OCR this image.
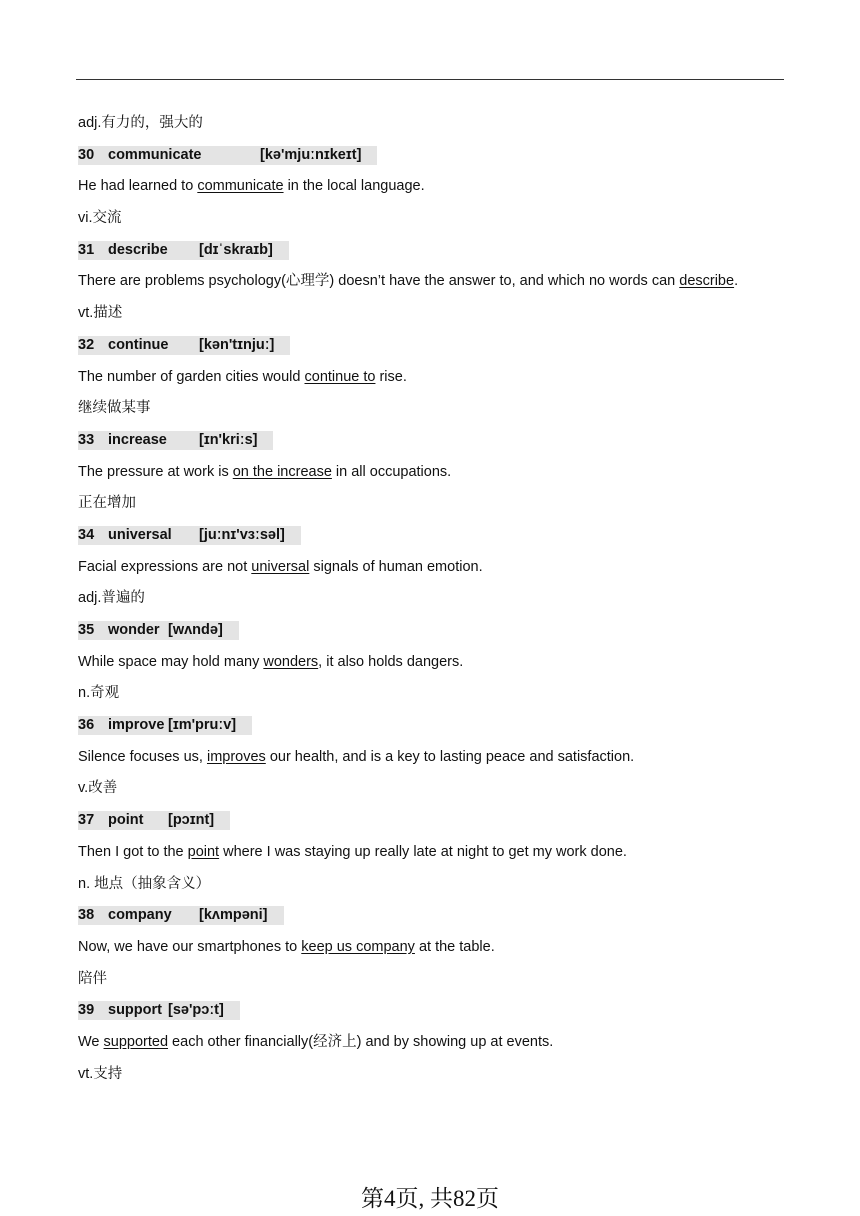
adj.有力的，强大的
30 communicate	[kə'mjuːnɪkeɪt]
He had learned to communicate in the local language.
vi.交流
31 describe [dɪˈskraɪb]
There are problems psychology(心理学) doesn’t have the answer to, and which no words can describe.
vt.描述
32 continue [kən'tɪnjuː]
The number of garden cities would continue to rise.
继续做某事
33 increase [ɪn'kriːs]
The pressure at work is on the increase in all occupations.
正在增加
34 universal [juːnɪ'vɜːsəl]
Facial expressions are not universal signals of human emotion.
adj.普遍的
35 wonder [wʌndə]
While space may hold many wonders, it also holds dangers.
n.奇观
36 improve [ɪm'pruːv]
Silence focuses us, improves our health, and is a key to lasting peace and satisfaction.
v.改善
37 point [pɔɪnt]
Then I got to the point where I was staying up really late at night to get my work done.
n. 地点（抽象含义）
38 company [kʌmpəni]
Now, we have our smartphones to keep us company at the table.
陪伴
39 support [sə'pɔːt]
We supported each other financially(经济上) and by showing up at events.
vt.支持
第4页, 共82页
